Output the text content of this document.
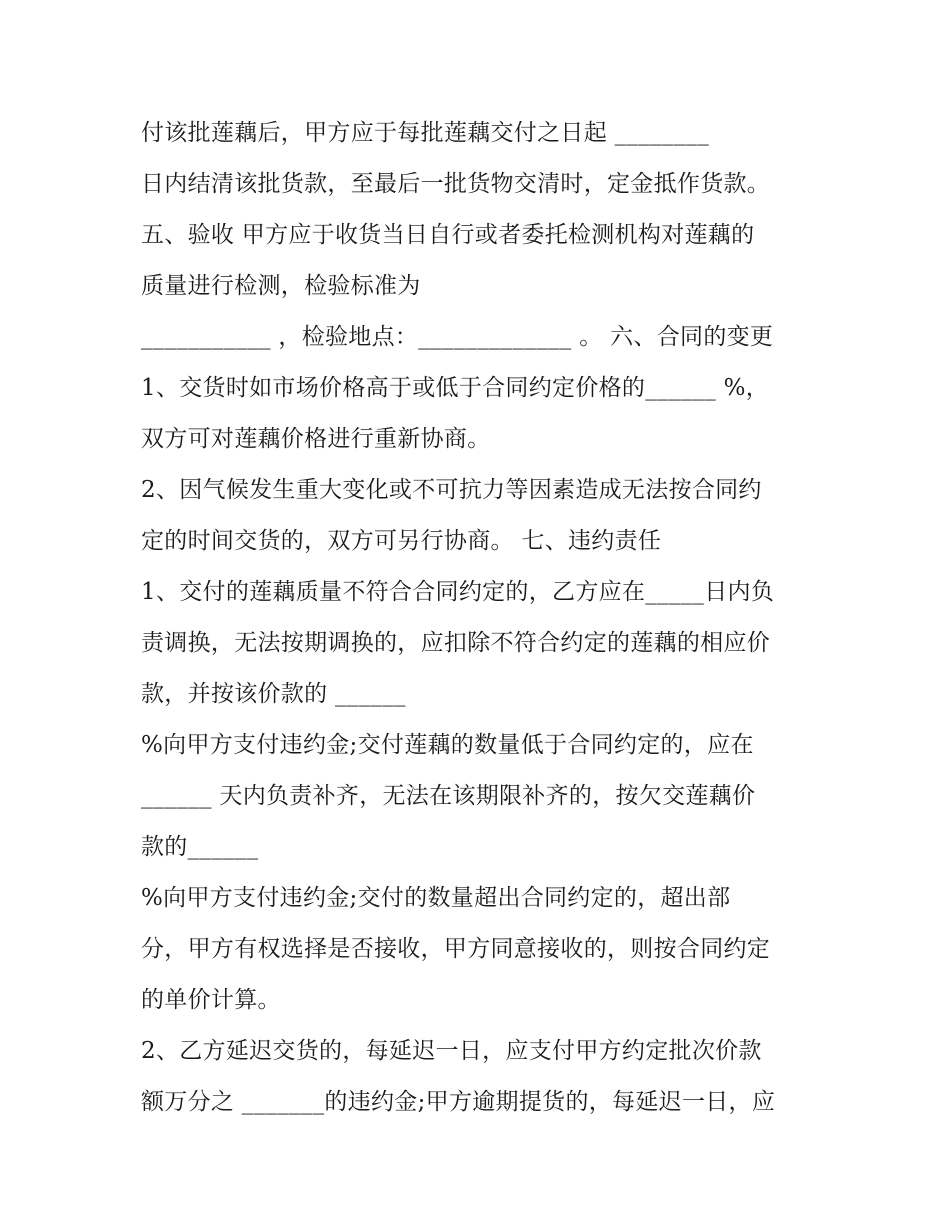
付该批莲藕后，甲方应于每批莲藕交付之日起 ________
日内结清该批货款，至最后一批货物交清时，定金抵作货款。
五、验收 甲方应于收货当日自行或者委托检测机构对莲藕的
质量进行检测，检验标准为
___________ ，检验地点：_____________ 。 六、合同的变更
1、交货时如市场价格高于或低于合同约定价格的______ %，
双方可对莲藕价格进行重新协商。
2、因气候发生重大变化或不可抗力等因素造成无法按合同约
定的时间交货的，双方可另行协商。 七、违约责任
1、交付的莲藕质量不符合合同约定的，乙方应在_____日内负
责调换，无法按期调换的，应扣除不符合约定的莲藕的相应价
款，并按该价款的 ______
%向甲方支付违约金;交付莲藕的数量低于合同约定的，应在
______ 天内负责补齐，无法在该期限补齐的，按欠交莲藕价
款的______
%向甲方支付违约金;交付的数量超出合同约定的，超出部
分，甲方有权选择是否接收，甲方同意接收的，则按合同约定
的单价计算。
2、乙方延迟交货的，每延迟一日，应支付甲方约定批次价款
额万分之 _______的违约金;甲方逾期提货的，每延迟一日，应
